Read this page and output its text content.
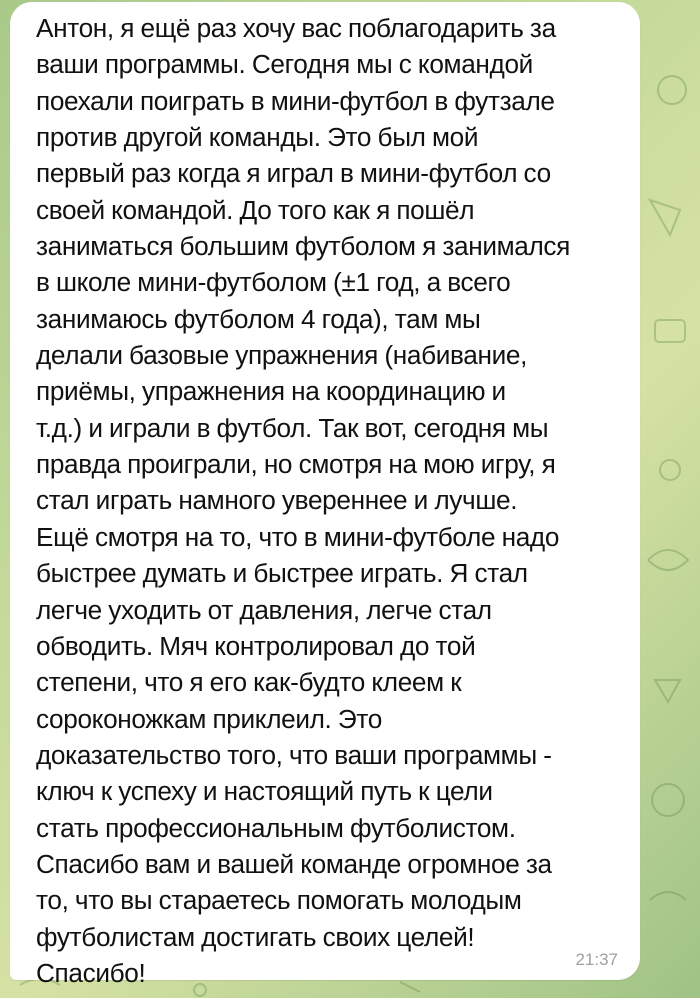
Антон, я ещё раз хочу вас поблагодарить за
ваши программы. Сегодня мы с командой
поехали поиграть в мини-футбол в футзале
против другой команды. Это был мой
первый раз когда я играл в мини-футбол со
своей командой. До того как я пошёл
заниматься большим футболом я занимался
в школе мини-футболом (±1 год, а всего
занимаюсь футболом 4 года), там мы
делали базовые упражнения (набивание,
приёмы, упражнения на координацию и
т.д.) и играли в футбол. Так вот, сегодня мы
правда проиграли, но смотря на мою игру, я
стал играть намного увереннее и лучше.
Ещё смотря на то, что в мини-футболе надо
быстрее думать и быстрее играть. Я стал
легче уходить от давления, легче стал
обводить. Мяч контролировал до той
степени, что я его как-будто клеем к
сороконожкам приклеил. Это
доказательство того, что ваши программы -
ключ к успеху и настоящий путь к цели
стать профессиональным футболистом.
Спасибо вам и вашей команде огромное за
то, что вы стараетесь помогать молодым
футболистам достигать своих целей!
Спасибо!	21:37
